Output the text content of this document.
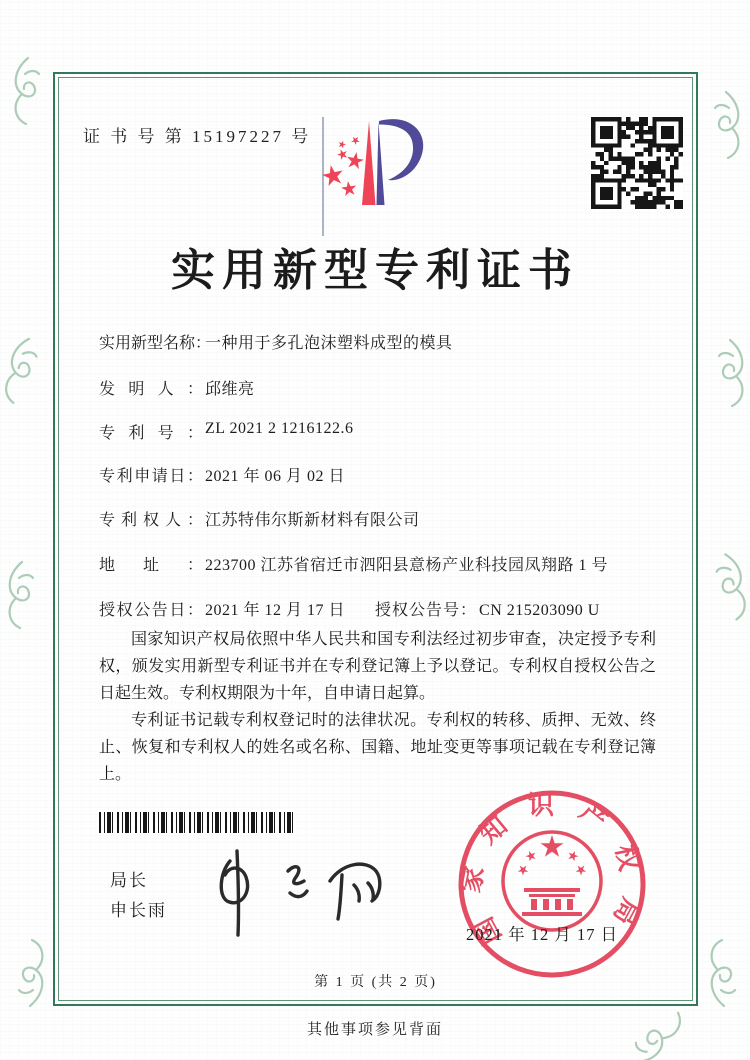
证 书 号 第 15197227 号
实用新型专利证书
实用新型名称：一种用于多孔泡沫塑料成型的模具
发明人： 邱维亮
专利号： ZL 2021 2 1216122.6
专利申请日： 2021 年 06 月 02 日
专利权人： 江苏特伟尔斯新材料有限公司
地址： 223700 江苏省宿迁市泗阳县意杨产业科技园凤翔路 1 号
授权公告日： 2021 年 12 月 17 日 授权公告号： CN 215203090 U

国家知识产权局依照中华人民共和国专利法经过初步审查，决定授予专利权，颁发实用新型专利证书并在专利登记簿上予以登记。专利权自授权公告之日起生效。专利权期限为十年，自申请日起算。

专利证书记载专利权登记时的法律状况。专利权的转移、质押、无效、终止、恢复和专利权人的姓名或名称、国籍、地址变更等事项记载在专利登记簿上。

局长
申长雨	国家知识产权局
2021 年 12 月 17 日
第 1 页 (共 2 页)
其他事项参见背面
